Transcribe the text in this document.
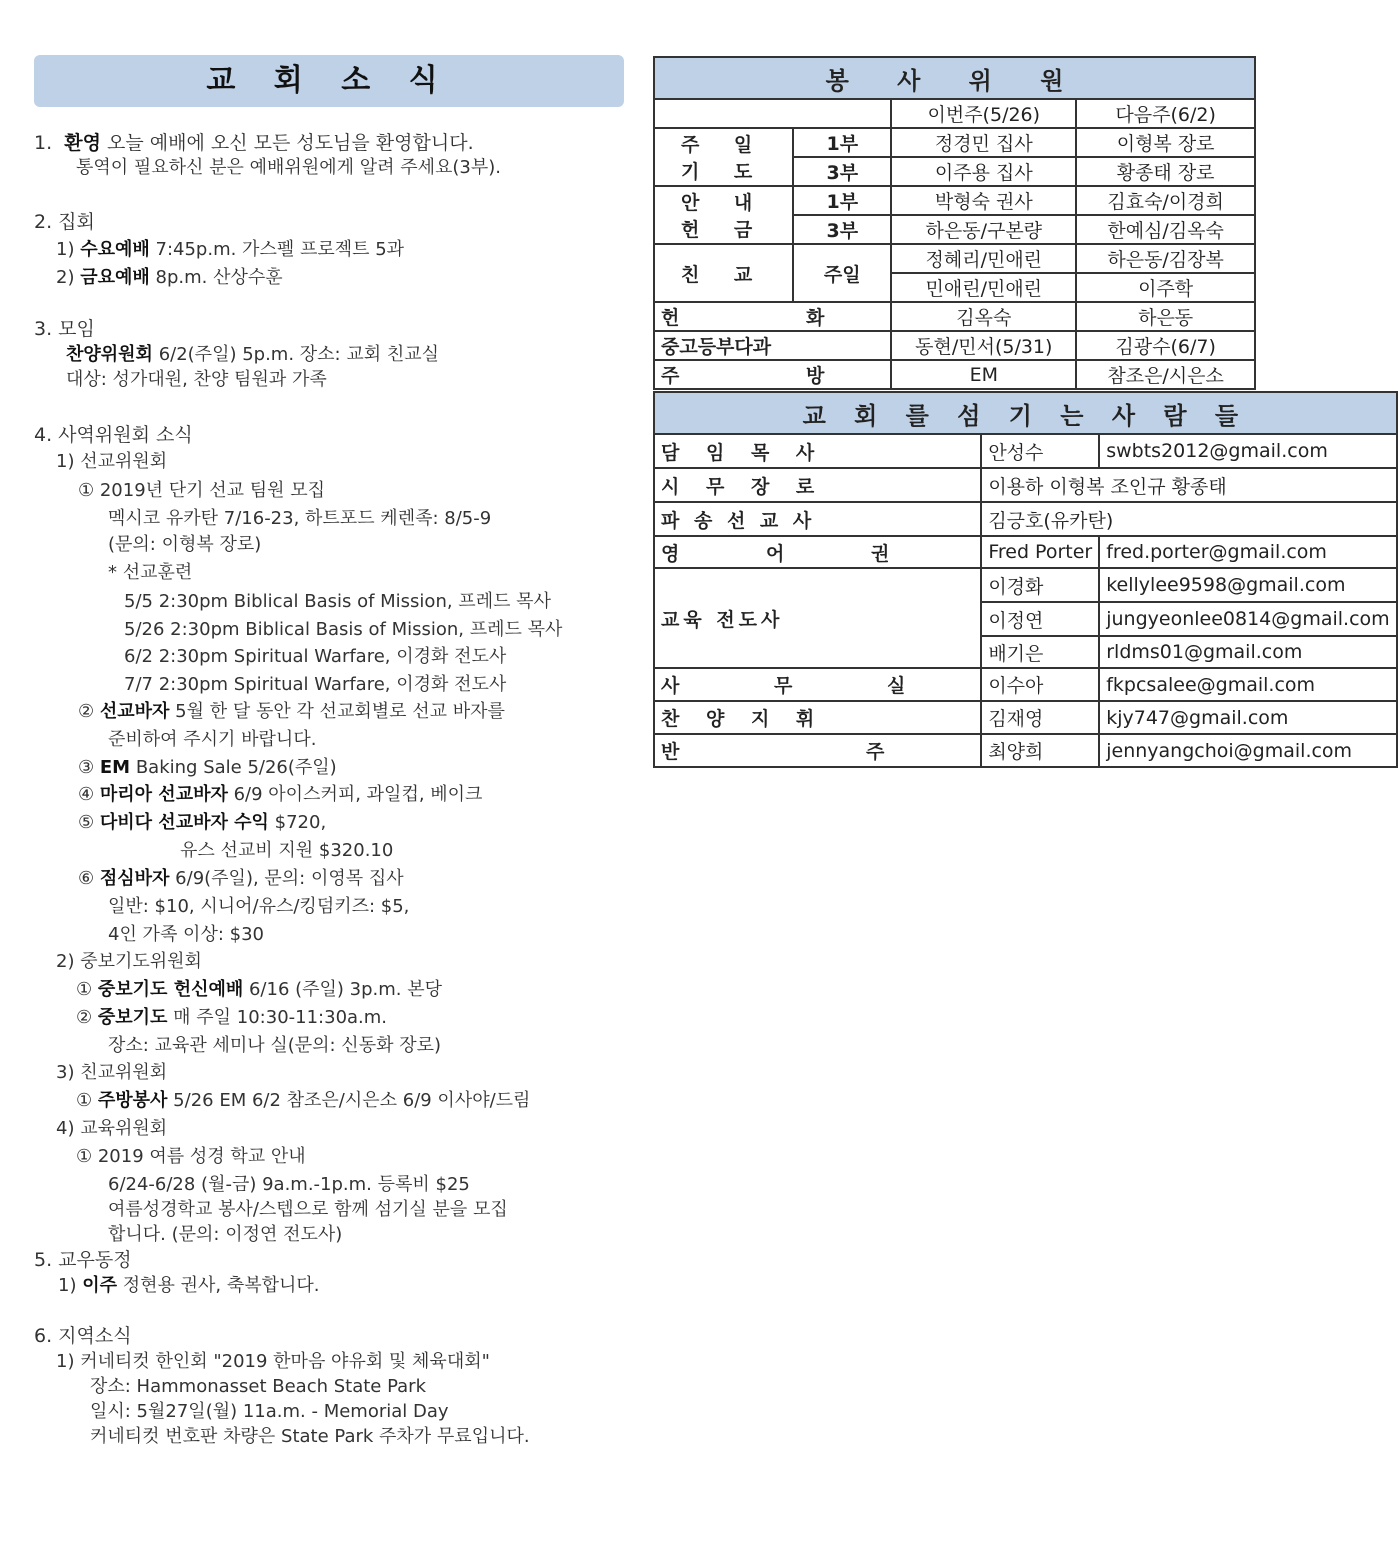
교 회 소 식
1. 환영 오늘 예배에 오신 모든 성도님을 환영합니다.
통역이 필요하신 분은 예배위원에게 알려 주세요(3부).
2. 집회
1) 수요예배 7:45p.m. 가스펠 프로젝트 5과
2) 금요예배 8p.m. 산상수훈
3. 모임
찬양위원회 6/2(주일) 5p.m. 장소: 교회 친교실
대상: 성가대원, 찬양 팀원과 가족
4. 사역위원회 소식
1) 선교위원회
① 2019년 단기 선교 팀원 모집
멕시코 유카탄 7/16-23, 하트포드 케렌족: 8/5-9
(문의: 이형복 장로)
* 선교훈련
5/5 2:30pm Biblical Basis of Mission, 프레드 목사
5/26 2:30pm Biblical Basis of Mission, 프레드 목사
6/2 2:30pm Spiritual Warfare, 이경화 전도사
7/7 2:30pm Spiritual Warfare, 이경화 전도사
② 선교바자 5월 한 달 동안 각 선교회별로 선교 바자를
준비하여 주시기 바랍니다.
③ EM Baking Sale 5/26(주일)
④ 마리아 선교바자 6/9 아이스커피, 과일컵, 베이크
⑤ 다비다 선교바자 수익 $720,
유스 선교비 지원 $320.10
⑥ 점심바자 6/9(주일), 문의: 이영목 집사
일반: $10, 시니어/유스/킹덤키즈: $5,
4인 가족 이상: $30
2) 중보기도위원회
① 중보기도 헌신예배 6/16 (주일) 3p.m. 본당
② 중보기도 매 주일 10:30-11:30a.m.
장소: 교육관 세미나 실(문의: 신동화 장로)
3) 친교위원회
① 주방봉사 5/26 EM 6/2 참조은/시은소 6/9 이사야/드림
4) 교육위원회
① 2019 여름 성경 학교 안내
6/24-6/28 (월-금) 9a.m.-1p.m. 등록비 $25
여름성경학교 봉사/스텝으로 함께 섬기실 분을 모집
합니다. (문의: 이정연 전도사)
5. 교우동정
1) 이주 정현용 권사, 축복합니다.
6. 지역소식
1) 커네티컷 한인회 "2019 한마음 야유회 및 체육대회"
장소: Hammonasset Beach State Park
일시: 5월27일(월) 11a.m. - Memorial Day
커네티컷 번호판 차량은 State Park 주차가 무료입니다.
봉 사 위 원			
		이번주(5/26)	다음주(6/2)

주 일
기 도	1부	정경민 집사	이형복 장로
	3부	이주용 집사	황종태 장로

안 내
헌 금	1부	박형숙 권사	김효숙/이경희
	3부	하은동/구본량	한예심/김옥숙
친 교	주일	정혜리/민애린	하은동/김장복
		민애린/민애린	이주학
헌 화		김옥숙	하은동
중고등부다과		동현/민서(5/31)	김광수(6/7)
주 방		EM	참조은/시은소
교 회 를 섬 기 는 사 람 들		
담 임 목 사	안성수	swbts2012@gmail.com
시 무 장 로	이용하 이형복 조인규 황종태	
파 송 선 교 사	김긍호(유카탄)	
영 어 권	Fred Porter	fred.porter@gmail.com
교육 전도사	이경화	kellylee9598@gmail.com
	이정연	jungyeonlee0814@gmail.com
	배기은	rldms01@gmail.com
사 무 실	이수아	fkpcsalee@gmail.com
찬 양 지 휘	김재영	kjy747@gmail.com
반 주	최양희	jennyangchoi@gmail.com
